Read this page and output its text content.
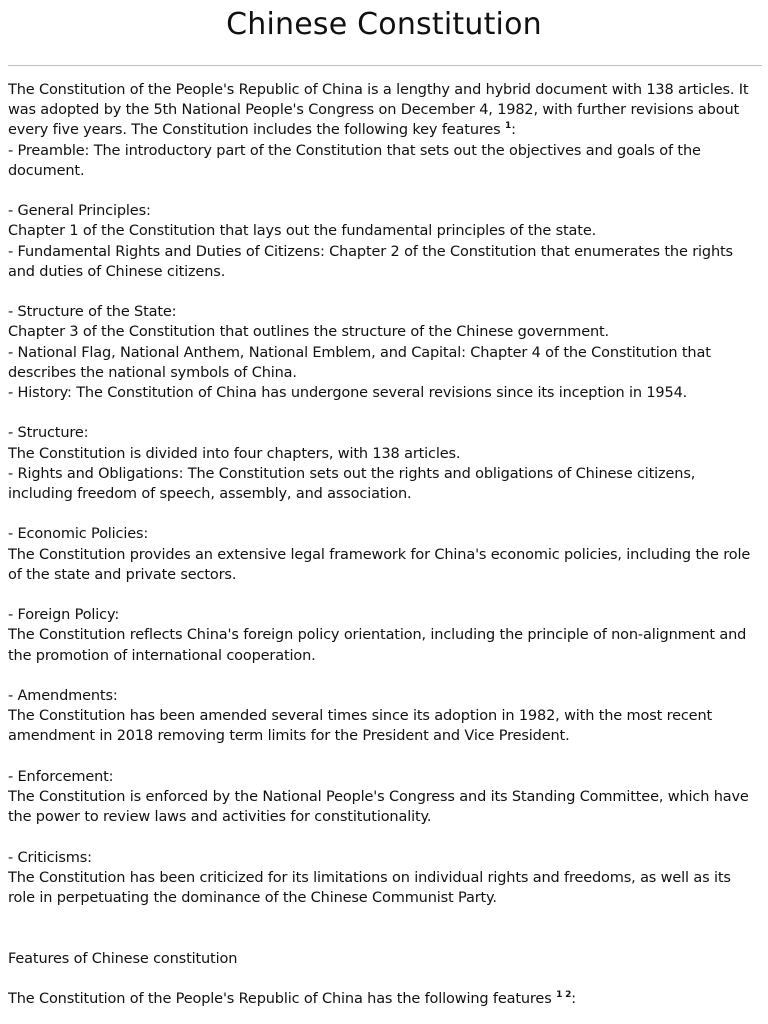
Chinese Constitution

The Constitution of the People's Republic of China is a lengthy and hybrid document with 138 articles. It was adopted by the 5th National People's Congress on December 4, 1982, with further revisions about every five years. The Constitution includes the following key features $^1$:

- Preamble: The introductory part of the Constitution that sets out the objectives and goals of the document.

- General Principles:

Chapter 1 of the Constitution that lays out the fundamental principles of the state.

- Fundamental Rights and Duties of Citizens: Chapter 2 of the Constitution that enumerates the rights and duties of Chinese citizens.

- Structure of the State:

Chapter 3 of the Constitution that outlines the structure of the Chinese government.

- National Flag, National Anthem, National Emblem, and Capital: Chapter 4 of the Constitution that describes the national symbols of China.

- History: The Constitution of China has undergone several revisions since its inception in 1954.

- Structure:

The Constitution is divided into four chapters, with 138 articles.

- Rights and Obligations: The Constitution sets out the rights and obligations of Chinese citizens, including freedom of speech, assembly, and association.

- Economic Policies:

The Constitution provides an extensive legal framework for China's economic policies, including the role of the state and private sectors.

- Foreign Policy:

The Constitution reflects China's foreign policy orientation, including the principle of non-alignment and the promotion of international cooperation.

- Amendments:

The Constitution has been amended several times since its adoption in 1982, with the most recent amendment in 2018 removing term limits for the President and Vice President.

- Enforcement:

The Constitution is enforced by the National People's Congress and its Standing Committee, which have the power to review laws and activities for constitutionality.

- Criticisms:

The Constitution has been criticized for its limitations on individual rights and freedoms, as well as its role in perpetuating the dominance of the Chinese Communist Party.

Features of Chinese constitution

The Constitution of the People's Republic of China has the following features $^{1 2}$:
